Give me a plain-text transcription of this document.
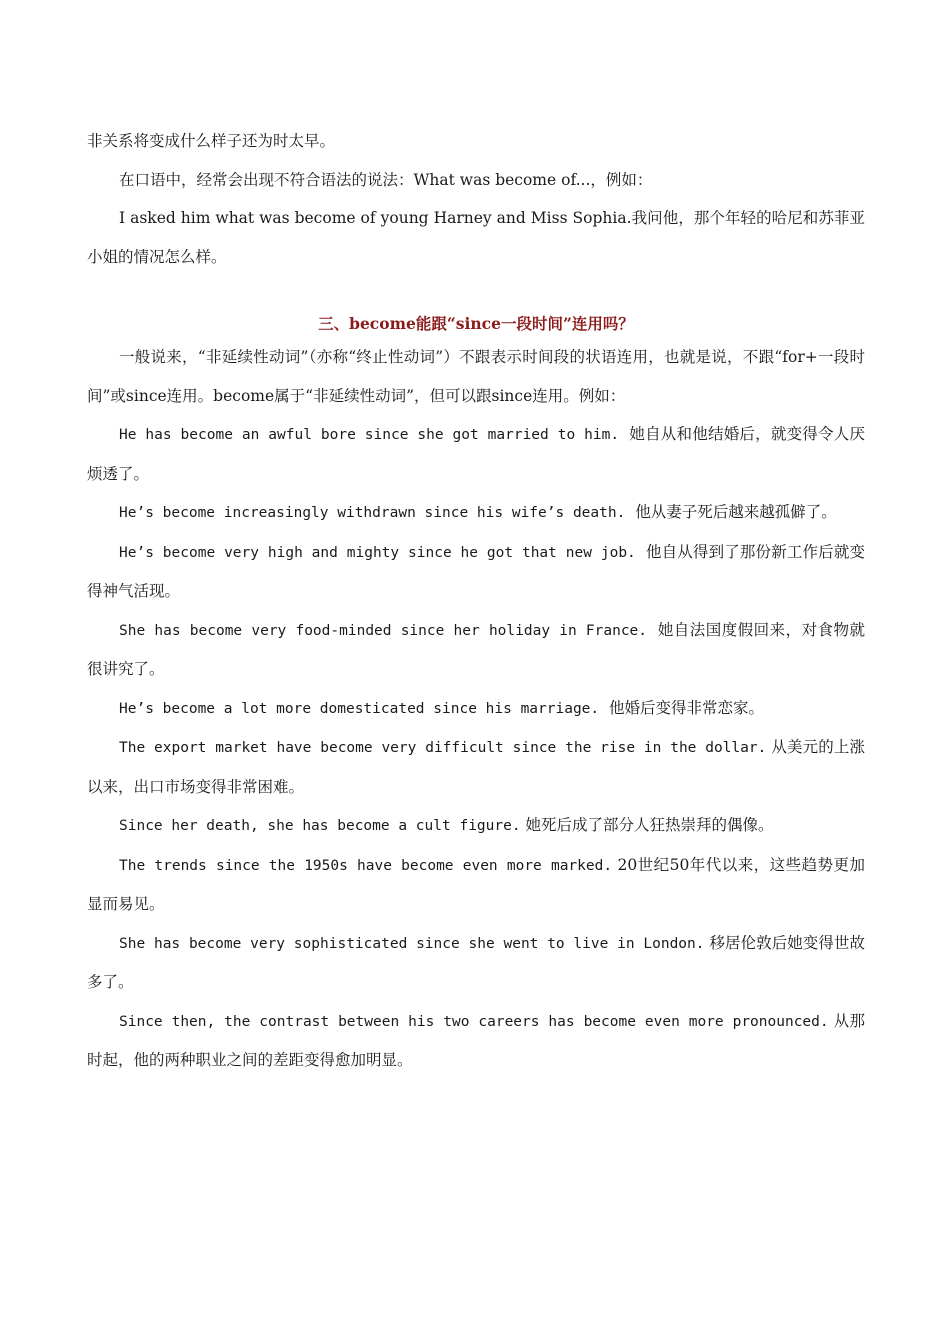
非关系将变成什么样子还为时太早。

在口语中，经常会出现不符合语法的说法：What was become of...，例如：

I asked him what was become of young Harney and Miss Sophia.我问他，那个年轻的哈尼和苏菲亚小姐的情况怎么样。

三、become能跟“since一段时间”连用吗？

一般说来，“非延续性动词”（亦称“终止性动词”）不跟表示时间段的状语连用，也就是说，不跟“for+一段时间”或since连用。become属于“非延续性动词”，但可以跟since连用。例如：

He has become an awful bore since she got married to him. 她自从和他结婚后，就变得令人厌烦透了。

He’s become increasingly withdrawn since his wife’s death. 他从妻子死后越来越孤僻了。

He’s become very high and mighty since he got that new job. 他自从得到了那份新工作后就变得神气活现。

She has become very food-minded since her holiday in France. 她自法国度假回来，对食物就很讲究了。

He’s become a lot more domesticated since his marriage. 他婚后变得非常恋家。

The export market have become very difficult since the rise in the dollar. 从美元的上涨以来，出口市场变得非常困难。

Since her death, she has become a cult figure. 她死后成了部分人狂热崇拜的偶像。

The trends since the 1950s have become even more marked. 20世纪50年代以来，这些趋势更加显而易见。

She has become very sophisticated since she went to live in London. 移居伦敦后她变得世故多了。

Since then, the contrast between his two careers has become even more pronounced. 从那时起，他的两种职业之间的差距变得愈加明显。
